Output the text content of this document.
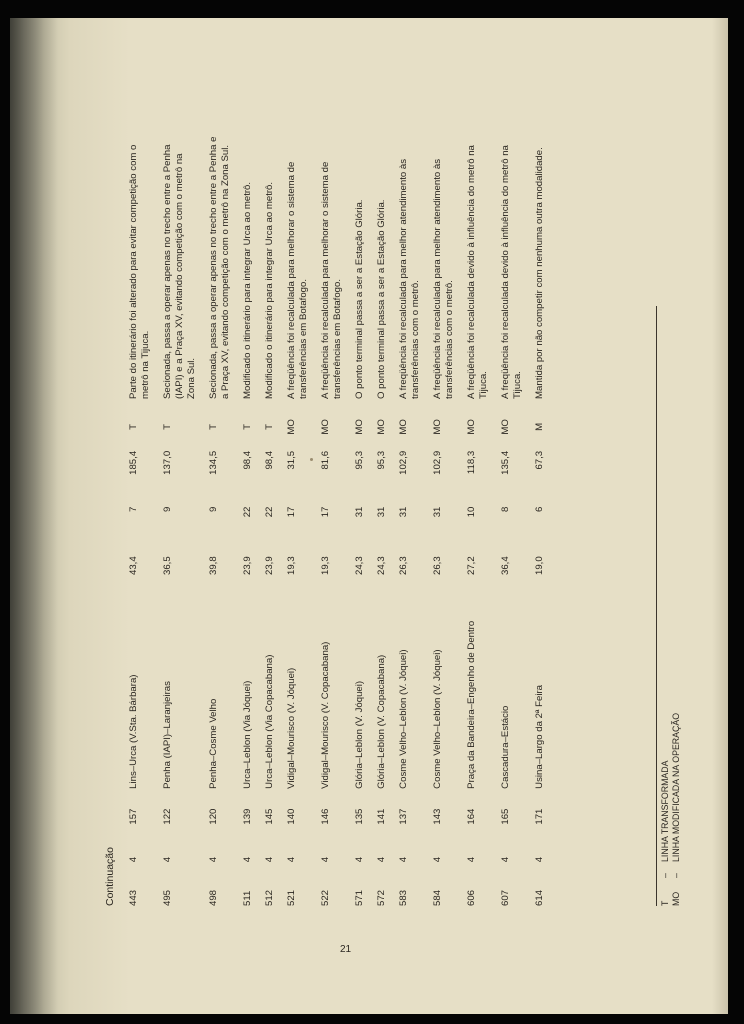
Continuação 443	4	157	Lins–Urca (V.Sta. Bárbara)	43,4	7	185,4	T	Parte do itinerário foi alterado para evitar competição com o metrô na Tijuca.
495	4	122	Penha (IAPI)–Laranjeiras	36,5	9	137,0	T	Secionada, passa a operar apenas no trecho entre a Penha (IAPI) e a Praça XV, evitando competição com o metrô na Zona Sul.
498	4	120	Penha–Cosme Velho	39,8	9	134,5	T	Secionada, passa a operar apenas no trecho entre a Penha e a Praça XV, evitando competição com o metrô na Zona Sul.
511	4	139	Urca–Leblon (Via Jóquei)	23,9	22	98,4	T	Modificado o itinerário para integrar Urca ao metrô.
512	4	145	Urca–Leblon (Via Copacabana)	23,9	22	98,4	T	Modificado o itinerário para integrar Urca ao metrô.
521	4	140	Vidigal–Mourisco (V. Jóquei)	19,3	17	31,5	MO	A freqüência foi recalculada para melhorar o sistema de transferências em Botafogo.
522	4	146	Vidigal–Mourisco (V. Copacabana)	19,3	17	81,6	MO	A freqüência foi recalculada para melhorar o sistema de transferências em Botafogo.
571	4	135	Glória–Leblon (V. Jóquei)	24,3	31	95,3	MO	O ponto terminal passa a ser a Estação Glória.
572	4	141	Glória–Leblon (V. Copacabana)	24,3	31	95,3	MO	O ponto terminal passa a ser a Estação Glória.
583	4	137	Cosme Velho–Leblon (V. Jóquei)	26,3	31	102,9	MO	A freqüência foi recalculada para melhor atendimento às transferências com o metrô.
584	4	143	Cosme Velho–Leblon (V. Jóquei)	26,3	31	102,9	MO	A freqüência foi recalculada para melhor atendimento às transferências com o metrô.
606	4	164	Praça da Bandeira–Engenho de Dentro	27,2	10	118,3	MO	A freqüência foi recalculada devido à influência do metrô na Tijuca.
607	4	165	Cascadura–Estácio	36,4	8	135,4	MO	A freqüência foi recalculada devido à influência do metrô na Tijuca.
614	4	171	Usina–Largo da 2ª Feira	19,0	6	67,3	M	Mantida por não competir com nenhuma outra modalidade.
T–LINHA TRANSFORMADA
MO–LINHA MODIFICADA NA OPERAÇÃO
21
